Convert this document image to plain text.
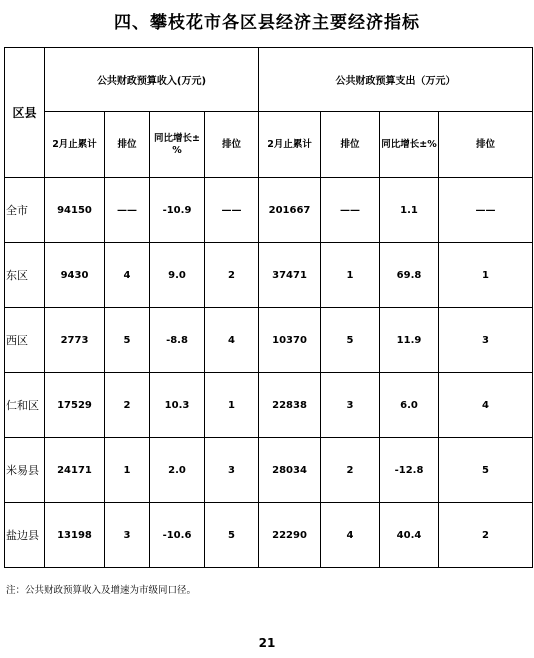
四、攀枝花市各区县经济主要经济指标
区县	公共财政预算收入(万元)				公共财政预算支出（万元）			
	2月止累计	排位	同比增长±%	排位	2月止累计	排位	同比增长±%	排位
全市	94150	——	-10.9	——	201667	——	1.1	——
东区	9430	4	9.0	2	37471	1	69.8	1
西区	2773	5	-8.8	4	10370	5	11.9	3
仁和区	17529	2	10.3	1	22838	3	6.0	4
米易县	24171	1	2.0	3	28034	2	-12.8	5
盐边县	13198	3	-10.6	5	22290	4	40.4	2
注：公共财政预算收入及增速为市级同口径。
21
